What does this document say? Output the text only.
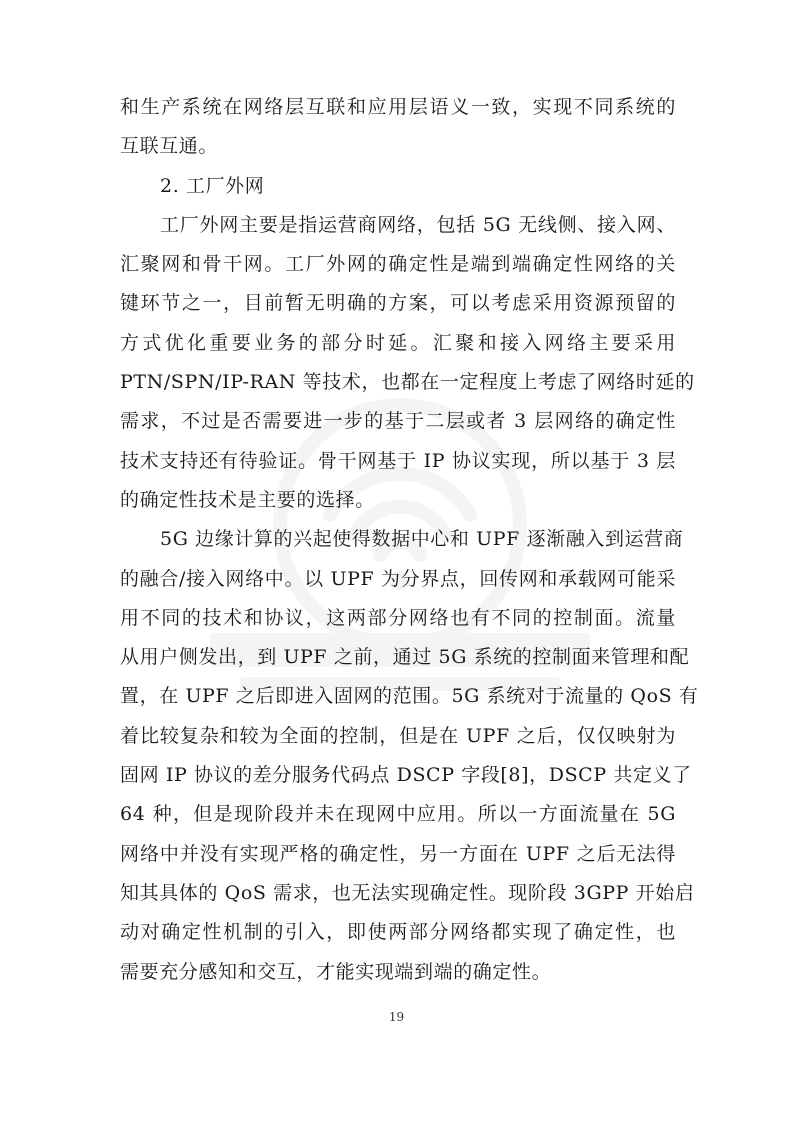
和生产系统在网络层互联和应用层语义一致，实现不同系统的
互联互通。
2. 工厂外网
工厂外网主要是指运营商网络，包括 5G 无线侧、接入网、
汇聚网和骨干网。工厂外网的确定性是端到端确定性网络的关
键环节之一，目前暂无明确的方案，可以考虑采用资源预留的
方式优化重要业务的部分时延。汇聚和接入网络主要采用
PTN/SPN/IP-RAN 等技术，也都在一定程度上考虑了网络时延的
需求，不过是否需要进一步的基于二层或者 3 层网络的确定性
技术支持还有待验证。骨干网基于 IP 协议实现，所以基于 3 层
的确定性技术是主要的选择。
5G 边缘计算的兴起使得数据中心和 UPF 逐渐融入到运营商
的融合/接入网络中。以 UPF 为分界点，回传网和承载网可能采
用不同的技术和协议，这两部分网络也有不同的控制面。流量
从用户侧发出，到 UPF 之前，通过 5G 系统的控制面来管理和配
置，在 UPF 之后即进入固网的范围。5G 系统对于流量的 QoS 有
着比较复杂和较为全面的控制，但是在 UPF 之后，仅仅映射为
固网 IP 协议的差分服务代码点 DSCP 字段[8]，DSCP 共定义了
64 种，但是现阶段并未在现网中应用。所以一方面流量在 5G
网络中并没有实现严格的确定性，另一方面在 UPF 之后无法得
知其具体的 QoS 需求，也无法实现确定性。现阶段 3GPP 开始启
动对确定性机制的引入，即使两部分网络都实现了确定性，也
需要充分感知和交互，才能实现端到端的确定性。
19
